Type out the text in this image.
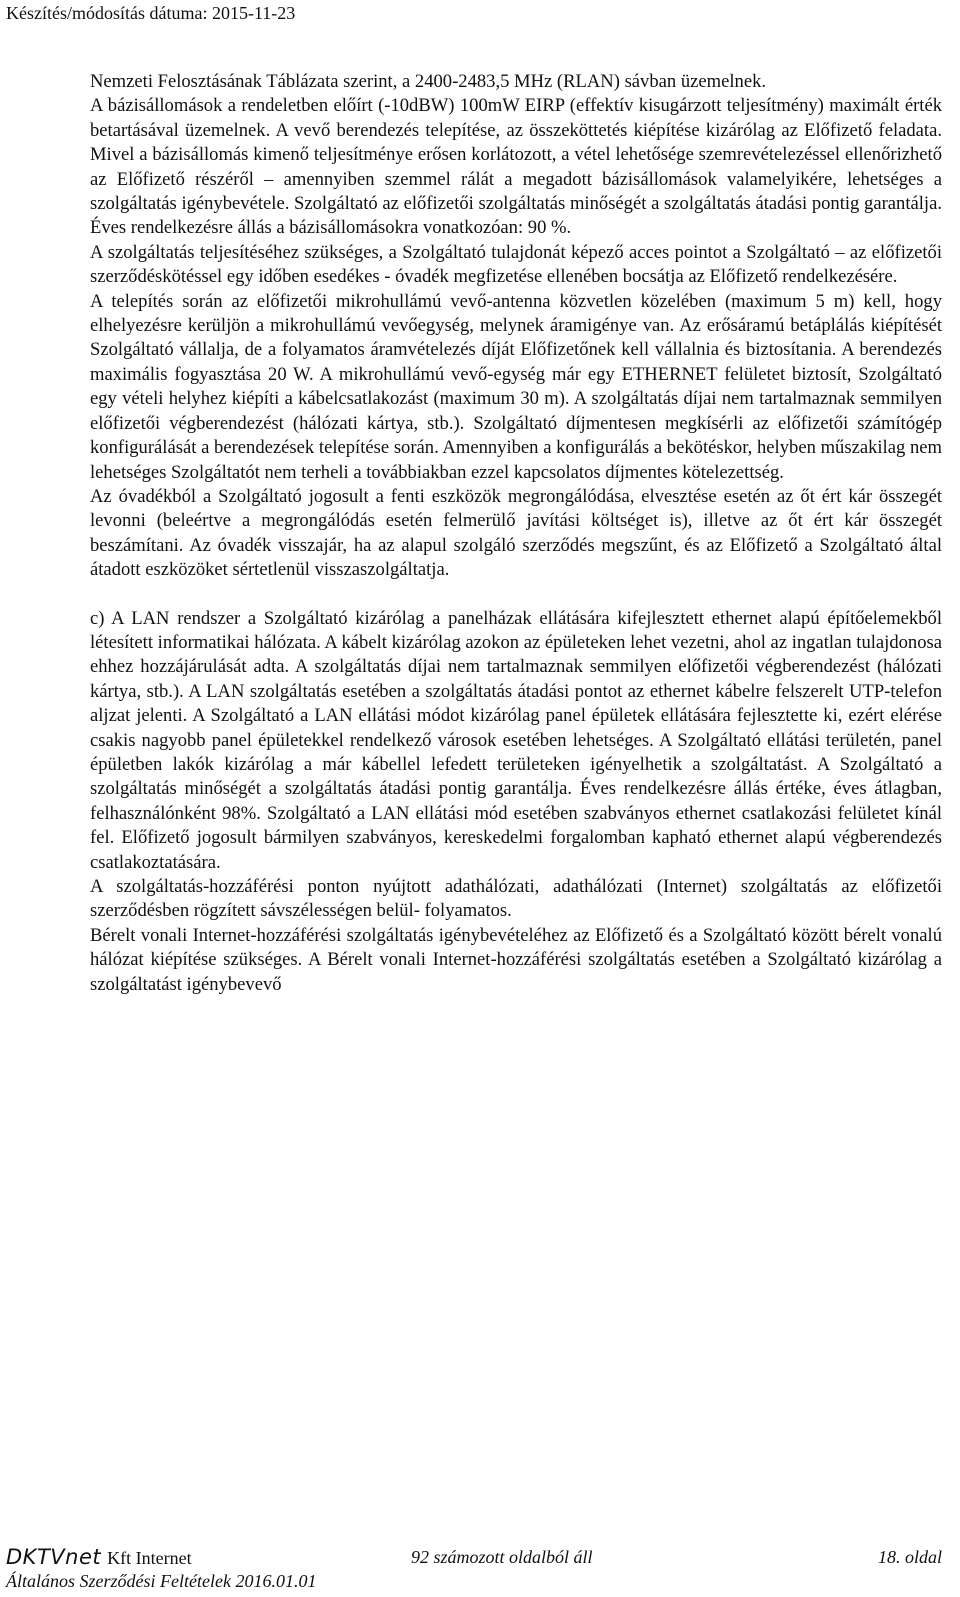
Készítés/módosítás dátuma: 2015-11-23

Nemzeti Felosztásának Táblázata szerint, a 2400-2483,5 MHz (RLAN) sávban üzemelnek.

A bázisállomások a rendeletben előírt (-10dBW) 100mW EIRP (effektív kisugárzott teljesítmény) maximált érték betartásával üzemelnek. A vevő berendezés telepítése, az összeköttetés kiépítése kizárólag az Előfizető feladata. Mivel a bázisállomás kimenő teljesítménye erősen korlátozott, a vétel lehetősége szemrevételezéssel ellenőrizhető az Előfizető részéről – amennyiben szemmel rálát a megadott bázisállomások valamelyikére, lehetséges a szolgáltatás igénybevétele. Szolgáltató az előfizetői szolgáltatás minőségét a szolgáltatás átadási pontig garantálja. Éves rendelkezésre állás a bázisállomásokra vonatkozóan: 90 %.

A szolgáltatás teljesítéséhez szükséges, a Szolgáltató tulajdonát képező acces pointot a Szolgáltató – az előfizetői szerződéskötéssel egy időben esedékes - óvadék megfizetése ellenében bocsátja az Előfizető rendelkezésére.

A telepítés során az előfizetői mikrohullámú vevő-antenna közvetlen közelében (maximum 5 m) kell, hogy elhelyezésre kerüljön a mikrohullámú vevőegység, melynek áramigénye van. Az erősáramú betáplálás kiépítését Szolgáltató vállalja, de a folyamatos áramvételezés díját Előfizetőnek kell vállalnia és biztosítania. A berendezés maximális fogyasztása 20 W. A mikrohullámú vevő-egység már egy ETHERNET felületet biztosít, Szolgáltató egy vételi helyhez kiépíti a kábelcsatlakozást (maximum 30 m). A szolgáltatás díjai nem tartalmaznak semmilyen előfizetői végberendezést (hálózati kártya, stb.). Szolgáltató díjmentesen megkísérli az előfizetői számítógép konfigurálását a berendezések telepítése során. Amennyiben a konfigurálás a bekötéskor, helyben műszakilag nem lehetséges Szolgáltatót nem terheli a továbbiakban ezzel kapcsolatos díjmentes kötelezettség.

Az óvadékból a Szolgáltató jogosult a fenti eszközök megrongálódása, elvesztése esetén az őt ért kár összegét levonni (beleértve a megrongálódás esetén felmerülő javítási költséget is), illetve az őt ért kár összegét beszámítani. Az óvadék visszajár, ha az alapul szolgáló szerződés megszűnt, és az Előfizető a Szolgáltató által átadott eszközöket sértetlenül visszaszolgáltatja.

c) A LAN rendszer a Szolgáltató kizárólag a panelházak ellátására kifejlesztett ethernet alapú építőelemekből létesített informatikai hálózata. A kábelt kizárólag azokon az épületeken lehet vezetni, ahol az ingatlan tulajdonosa ehhez hozzájárulását adta. A szolgáltatás díjai nem tartalmaznak semmilyen előfizetői végberendezést (hálózati kártya, stb.). A LAN szolgáltatás esetében a szolgáltatás átadási pontot az ethernet kábelre felszerelt UTP-telefon aljzat jelenti. A Szolgáltató a LAN ellátási módot kizárólag panel épületek ellátására fejlesztette ki, ezért elérése csakis nagyobb panel épületekkel rendelkező városok esetében lehetséges. A Szolgáltató ellátási területén, panel épületben lakók kizárólag a már kábellel lefedett területeken igényelhetik a szolgáltatást. A Szolgáltató a szolgáltatás minőségét a szolgáltatás átadási pontig garantálja. Éves rendelkezésre állás értéke, éves átlagban, felhasználónként 98%. Szolgáltató a LAN ellátási mód esetében szabványos ethernet csatlakozási felületet kínál fel. Előfizető jogosult bármilyen szabványos, kereskedelmi forgalomban kapható ethernet alapú végberendezés csatlakoztatására.

A szolgáltatás-hozzáférési ponton nyújtott adathálózati, adathálózati (Internet) szolgáltatás az előfizetői szerződésben rögzített sávszélességen belül- folyamatos.

Bérelt vonali Internet-hozzáférési szolgáltatás igénybevételéhez az Előfizető és a Szolgáltató között bérelt vonalú hálózat kiépítése szükséges. A Bérelt vonali Internet-hozzáférési szolgáltatás esetében a Szolgáltató kizárólag a szolgáltatást igénybevevő

DKTVnet Kft Internet	92 számozott oldalból áll	18. oldal
Általános Szerződési Feltételek 2016.01.01
